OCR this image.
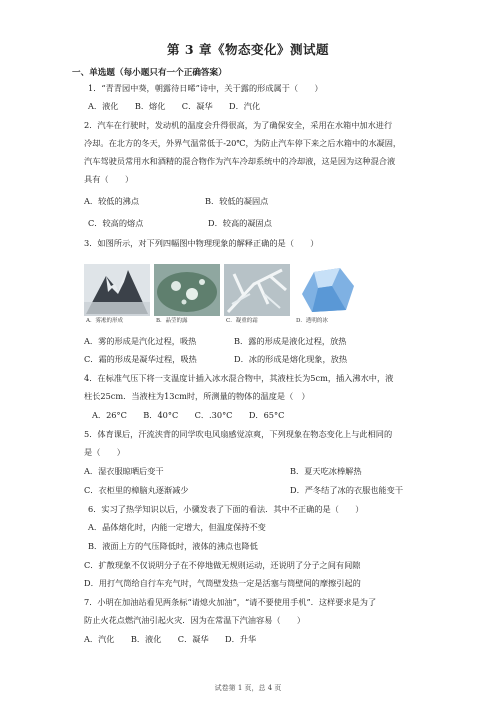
第 3 章《物态变化》测试题
一、单选题（每小题只有一个正确答案）
1．“青青园中葵，朝露待日晞”诗中，关于露的形成属于（　　）
A．液化　　B．熔化　　C．凝华　　D．汽化
2．汽车在行驶时，发动机的温度会升得很高，为了确保安全，采用在水箱中加水进行
冷却。在北方的冬天，外界气温常低于-20℃，为防止汽车停下来之后水箱中的水凝固，
汽车驾驶员常用水和酒精的混合物作为汽车冷却系统中的冷却液，这是因为这种混合液
具有（　　）
A．较低的沸点	B．较低的凝固点
C．较高的熔点	D．较高的凝固点
3．如图所示，对下列四幅图中物理现象的解释正确的是（　　）
A．雾凇的形成	B．晶莹的露	C．凝重的霜	D．透明的冰
A．雾的形成是汽化过程，吸热	B．露的形成是液化过程，放热
C．霜的形成是凝华过程，吸热	D．冰的形成是熔化现象，放热
4．在标准气压下将一支温度计插入冰水混合物中，其液柱长为5cm，插入沸水中，液
柱长25cm．当液柱为13cm时，所测量的物体的温度是（　）
A．26°C　　B．40°C　　C．.30°C　　D．65°C
5．体育课后，汗流浃背的同学吹电风扇感觉凉爽，下列现象在物态变化上与此相同的
是（　　）
A．湿衣服晾晒后变干	B．夏天吃冰棒解热
C．衣柜里的樟脑丸逐渐减少	D．严冬结了冰的衣服也能变干
6．实习了热学知识以后，小骥发表了下面的看法．其中不正确的是（　　）
A．晶体熔化时，内能一定增大，但温度保持不变
B．液面上方的气压降低时，液体的沸点也降低
C．扩散现象不仅说明分子在不停地做无规则运动，还说明了分子之间有间隙
D．用打气筒给自行车充气时，气筒壁发热一定是活塞与筒壁间的摩擦引起的
7．小明在加油站看见两条标“请熄火加油”，“请不要使用手机”．这样要求是为了
防止火花点燃汽油引起火灾．因为在常温下汽油容易（　　）
A．汽化　　B．液化　　C．凝华　　D．升华
试卷第 1 页，总 4 页
